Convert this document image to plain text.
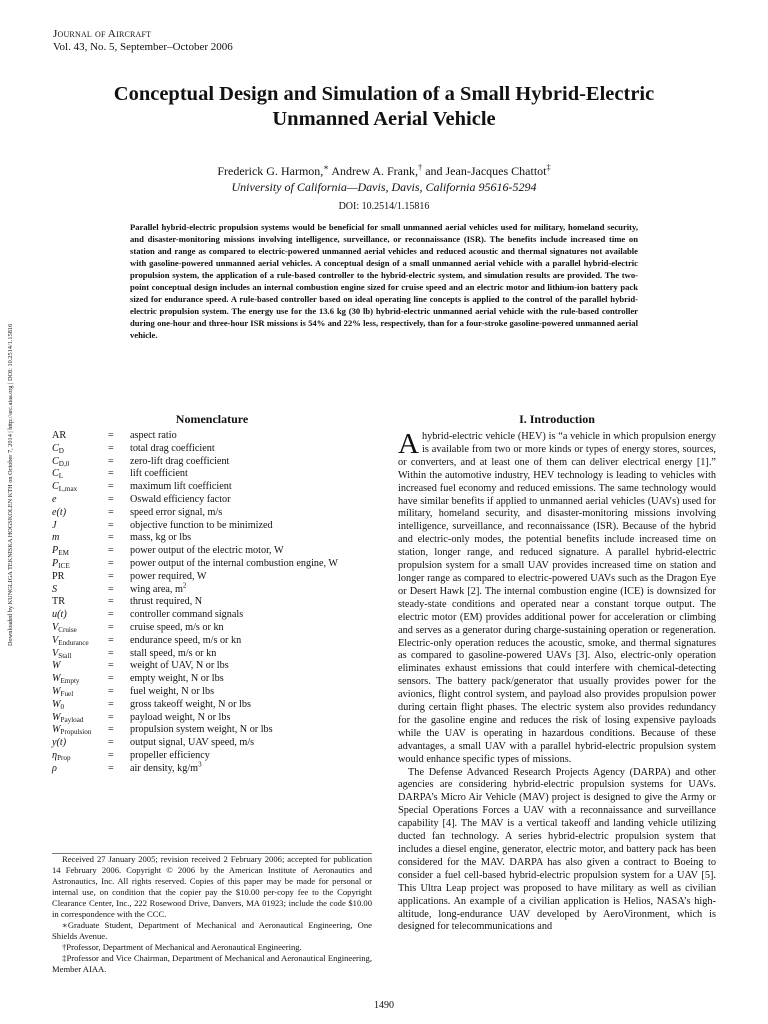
Journal of Aircraft
Vol. 43, No. 5, September–October 2006
Downloaded by KUNGLIGA TEKNISKA HOGSKOLEN KTH on October 7, 2014 | http://arc.aiaa.org | DOI: 10.2514/1.15816
Conceptual Design and Simulation of a Small Hybrid-Electric
Unmanned Aerial Vehicle
Frederick G. Harmon,∗ Andrew A. Frank,† and Jean-Jacques Chattot‡
University of California—Davis, Davis, California 95616-5294
DOI: 10.2514/1.15816

Parallel hybrid-electric propulsion systems would be beneficial for small unmanned aerial vehicles used for military, homeland security, and disaster-monitoring missions involving intelligence, surveillance, or reconnaissance (ISR). The benefits include increased time on station and range as compared to electric-powered unmanned aerial vehicles and reduced acoustic and thermal signatures not available with gasoline-powered unmanned aerial vehicles. A conceptual design of a small unmanned aerial vehicle with a parallel hybrid-electric propulsion system, the application of a rule-based controller to the hybrid-electric system, and simulation results are provided. The two-point conceptual design includes an internal combustion engine sized for cruise speed and an electric motor and lithium-ion battery pack sized for endurance speed. A rule-based controller based on ideal operating line concepts is applied to the control of the parallel hybrid-electric propulsion system. The energy use for the 13.6 kg (30 lb) hybrid-electric unmanned aerial vehicle with the rule-based controller during one-hour and three-hour ISR missions is 54% and 22% less, respectively, than for a four-stroke gasoline-powered unmanned aerial vehicle.

Nomenclature
AR	=	aspect ratio
$C_D$	=	total drag coefficient
$C_{D,0}$	=	zero-lift drag coefficient
$C_L$	=	lift coefficient
$C_{L,max}$	=	maximum lift coefficient
e	=	Oswald efficiency factor
e(t)	=	speed error signal, m/s
J	=	objective function to be minimized
m	=	mass, kg or lbs
$P_{EM}$	=	power output of the electric motor, W
$P_{ICE}$	=	power output of the internal combustion engine, W
PR	=	power required, W
S	=	wing area, $m^2$
TR	=	thrust required, N
u(t)	=	controller command signals
$V_{Cruise}$	=	cruise speed, m/s or kn
$V_{Endurance}$	=	endurance speed, m/s or kn
$V_{Stall}$	=	stall speed, m/s or kn
W	=	weight of UAV, N or lbs
$W_{Empty}$	=	empty weight, N or lbs
$W_{Fuel}$	=	fuel weight, N or lbs
$W_0$	=	gross takeoff weight, N or lbs
$W_{Payload}$	=	payload weight, N or lbs
$W_{Propulsion}$	=	propulsion system weight, N or lbs
y(t)	=	output signal, UAV speed, m/s
$\eta_{Prop}$	=	propeller efficiency
ρ	=	air density, $kg/m^3$
I. Introduction

A hybrid-electric vehicle (HEV) is “a vehicle in which propulsion energy is available from two or more kinds or types of energy stores, sources, or converters, and at least one of them can deliver electrical energy [1].” Within the automotive industry, HEV technology is leading to vehicles with increased fuel economy and reduced emissions. The same technology would have similar benefits if applied to unmanned aerial vehicles (UAVs) used for military, homeland security, and disaster-monitoring missions involving intelligence, surveillance, and reconnaissance (ISR). Because of the hybrid and electric-only modes, the potential benefits include increased time on station, longer range, and reduced signature. A parallel hybrid-electric propulsion system for a small UAV provides increased time on station and longer range as compared to electric-powered UAVs such as the Dragon Eye or Desert Hawk [2]. The internal combustion engine (ICE) is downsized for steady-state conditions and operated near a constant torque output. The electric motor (EM) provides additional power for acceleration or climbing and serves as a generator during charge-sustaining operation or regeneration. Electric-only operation reduces the acoustic, smoke, and thermal signatures as compared to gasoline-powered UAVs [3]. Also, electric-only operation eliminates exhaust emissions that could interfere with chemical-detecting sensors. The battery pack/generator that usually provides power for the avionics, flight control system, and payload also provides propulsion power during certain flight phases. The electric system also provides redundancy for the gasoline engine and reduces the risk of losing expensive payloads while the UAV is operating in hazardous conditions. Because of these advantages, a small UAV with a parallel hybrid-electric propulsion system would enhance specific types of missions.

The Defense Advanced Research Projects Agency (DARPA) and other agencies are considering hybrid-electric propulsion systems for UAVs. DARPA’s Micro Air Vehicle (MAV) project is designed to give the Army or Special Operations Forces a UAV with a reconnaissance and surveillance capability [4]. The MAV is a vertical takeoff and landing vehicle utilizing ducted fan technology. A series hybrid-electric propulsion system that includes a diesel engine, generator, electric motor, and battery pack has been considered for the MAV. DARPA has also given a contract to Boeing to consider a fuel cell-based hybrid-electric propulsion system for a UAV [5]. This Ultra Leap project was proposed to have military as well as civilian applications. An example of a civilian application is Helios, NASA’s high-altitude, long-endurance UAV developed by AeroVironment, which is designed for telecommunications and

Received 27 January 2005; revision received 2 February 2006; accepted for publication 14 February 2006. Copyright © 2006 by the American Institute of Aeronautics and Astronautics, Inc. All rights reserved. Copies of this paper may be made for personal or internal use, on condition that the copier pay the $10.00 per-copy fee to the Copyright Clearance Center, Inc., 222 Rosewood Drive, Danvers, MA 01923; include the code $10.00 in correspondence with the CCC.

∗Graduate Student, Department of Mechanical and Aeronautical Engineering, One Shields Avenue.

†Professor, Department of Mechanical and Aeronautical Engineering.

‡Professor and Vice Chairman, Department of Mechanical and Aeronautical Engineering, Member AIAA.

1490
